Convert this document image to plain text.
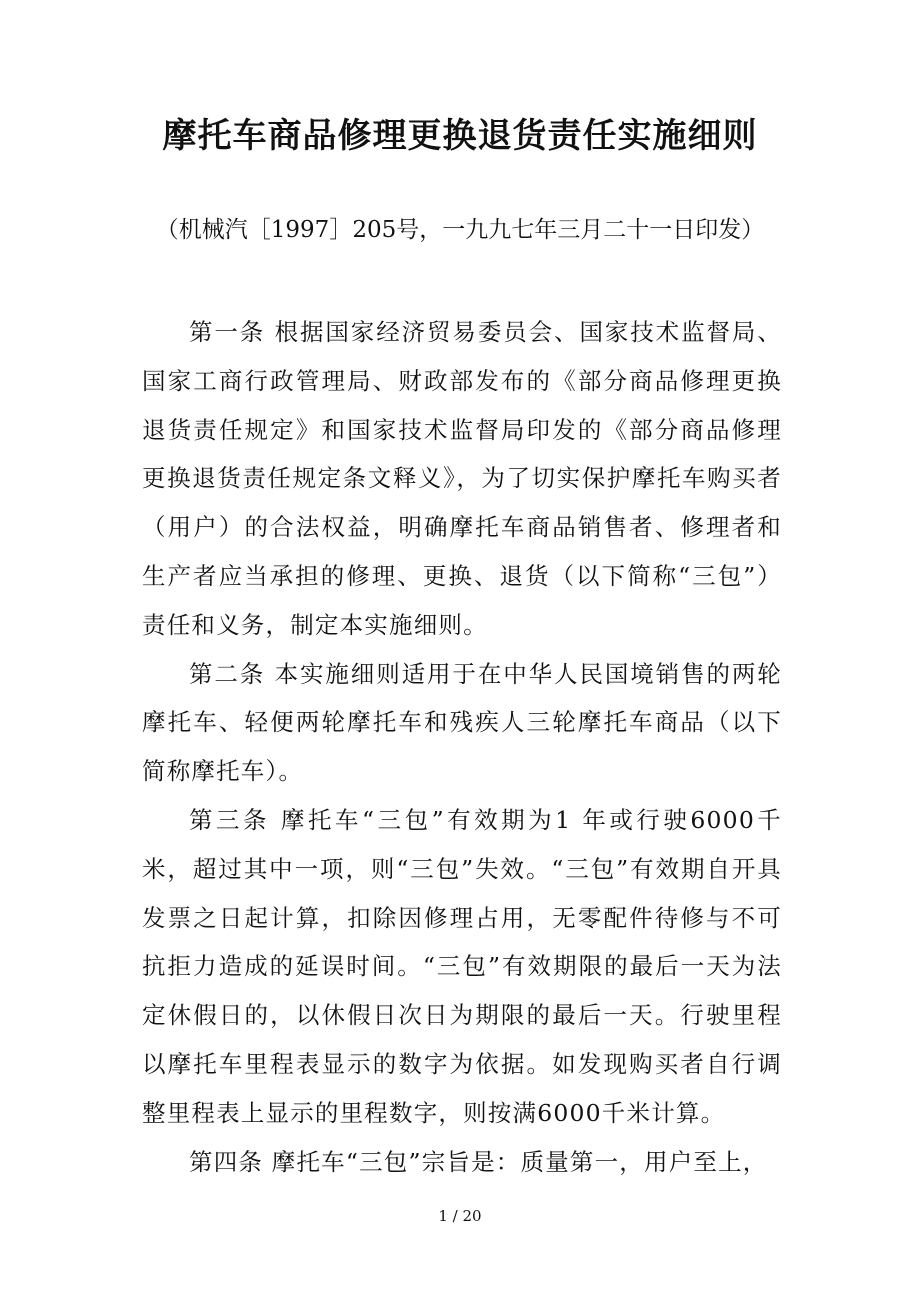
摩托车商品修理更换退货责任实施细则

（机械汽［1997］205号，一九九七年三月二十一日印发）

第一条 根据国家经济贸易委员会、国家技术监督局、国家工商行政管理局、财政部发布的《部分商品修理更换退货责任规定》和国家技术监督局印发的《部分商品修理更换退货责任规定条文释义》，为了切实保护摩托车购买者（用户）的合法权益，明确摩托车商品销售者、修理者和生产者应当承担的修理、更换、退货（以下简称“三包”）责任和义务，制定本实施细则。

第二条 本实施细则适用于在中华人民国境销售的两轮摩托车、轻便两轮摩托车和残疾人三轮摩托车商品（以下简称摩托车）。

第三条 摩托车“三包”有效期为1 年或行驶6000千米，超过其中一项，则“三包”失效。“三包”有效期自开具发票之日起计算，扣除因修理占用，无零配件待修与不可抗拒力造成的延误时间。“三包”有效期限的最后一天为法定休假日的，以休假日次日为期限的最后一天。行驶里程以摩托车里程表显示的数字为依据。如发现购买者自行调整里程表上显示的里程数字，则按满6000千米计算。

第四条 摩托车“三包”宗旨是：质量第一，用户至上，

1 / 20
